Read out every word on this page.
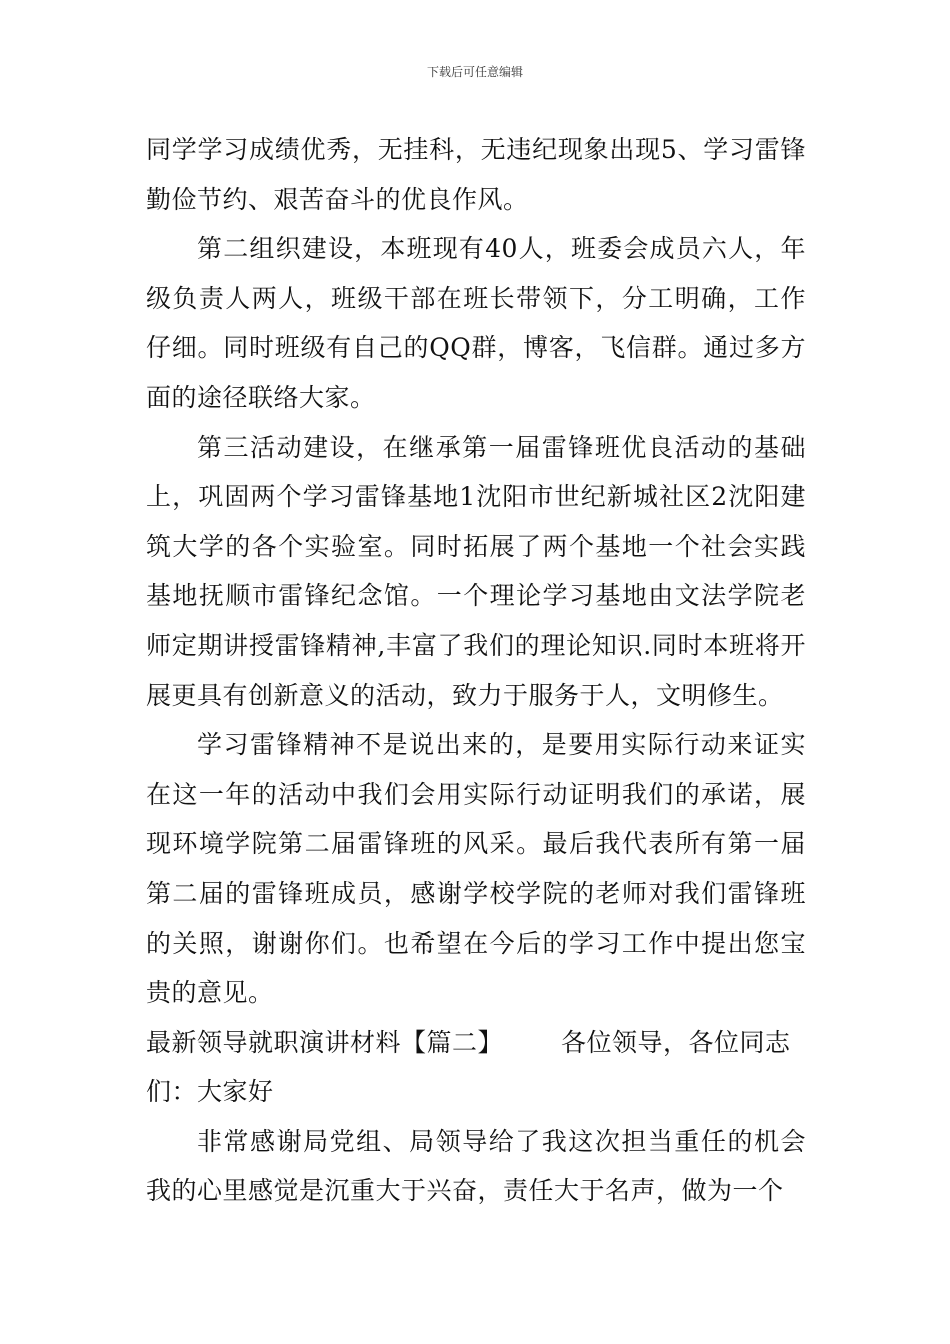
下载后可任意编辑

同学学习成绩优秀，无挂科，无违纪现象出现5、学习雷锋勤俭节约、艰苦奋斗的优良作风。

第二组织建设，本班现有40人，班委会成员六人，年级负责人两人，班级干部在班长带领下，分工明确，工作仔细。同时班级有自己的QQ群，博客，飞信群。通过多方面的途径联络大家。

第三活动建设，在继承第一届雷锋班优良活动的基础上，巩固两个学习雷锋基地1沈阳市世纪新城社区2沈阳建筑大学的各个实验室。同时拓展了两个基地一个社会实践基地抚顺市雷锋纪念馆。一个理论学习基地由文法学院老师定期讲授雷锋精神,丰富了我们的理论知识.同时本班将开展更具有创新意义的活动，致力于服务于人，文明修生。

学习雷锋精神不是说出来的，是要用实际行动来证实在这一年的活动中我们会用实际行动证明我们的承诺，展现环境学院第二届雷锋班的风采。最后我代表所有第一届第二届的雷锋班成员，感谢学校学院的老师对我们雷锋班的关照，谢谢你们。也希望在今后的学习工作中提出您宝贵的意见。

最新领导就职演讲材料【篇二】 各位领导，各位同志们：大家好

非常感谢局党组、局领导给了我这次担当重任的机会我的心里感觉是沉重大于兴奋，责任大于名声，做为一个
